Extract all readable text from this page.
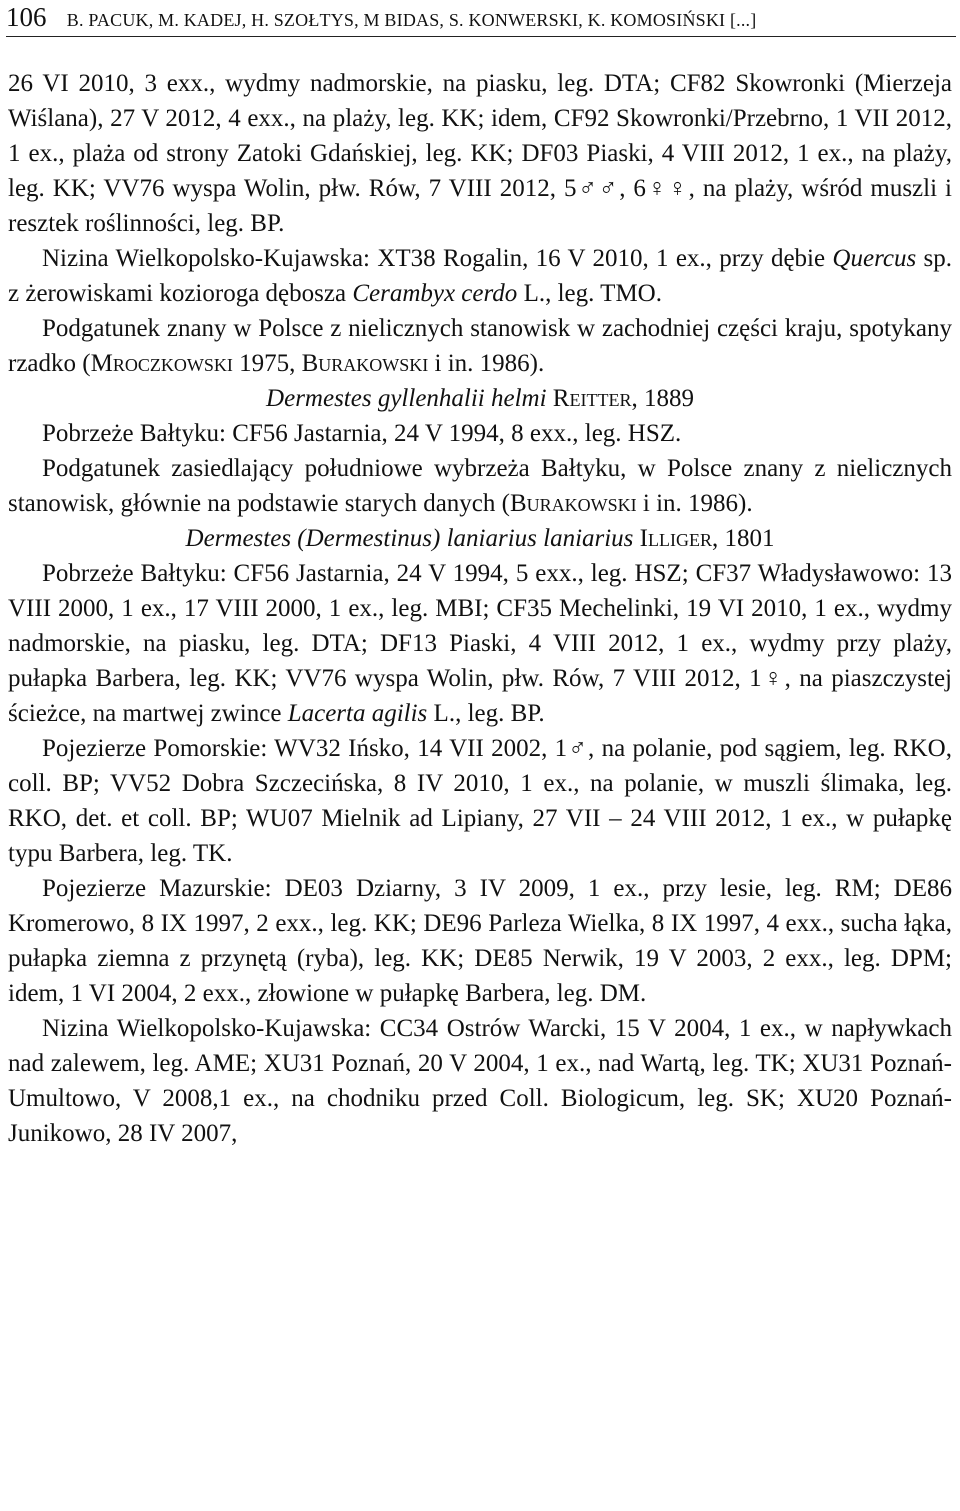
106 B. PACUK, M. KADEJ, H. SZOŁTYS, M BIDAS, S. KONWERSKI, K. KOMOSIŃSKI [...]

26 VI 2010, 3 exx., wydmy nadmorskie, na piasku, leg. DTA; CF82 Skowronki (Mierzeja Wiślana), 27 V 2012, 4 exx., na plaży, leg. KK; idem, CF92 Skowronki/Przebrno, 1 VII 2012, 1 ex., plaża od strony Zatoki Gdańskiej, leg. KK; DF03 Piaski, 4 VIII 2012, 1 ex., na plaży, leg. KK; VV76 wyspa Wolin, płw. Rów, 7 VIII 2012, 5♂♂, 6♀♀, na plaży, wśród muszli i resztek roślinności, leg. BP.

Nizina Wielkopolsko-Kujawska: XT38 Rogalin, 16 V 2010, 1 ex., przy dębie Quercus sp. z żerowiskami kozioroga dębosza Cerambyx cerdo L., leg. TMO.

Podgatunek znany w Polsce z nielicznych stanowisk w zachodniej części kraju, spotykany rzadko (Mroczkowski 1975, Burakowski i in. 1986).

Dermestes gyllenhalii helmi Reitter, 1889

Pobrzeże Bałtyku: CF56 Jastarnia, 24 V 1994, 8 exx., leg. HSZ.

Podgatunek zasiedlający południowe wybrzeża Bałtyku, w Polsce znany z nielicznych stanowisk, głównie na podstawie starych danych (Burakowski i in. 1986).

Dermestes (Dermestinus) laniarius laniarius Illiger, 1801

Pobrzeże Bałtyku: CF56 Jastarnia, 24 V 1994, 5 exx., leg. HSZ; CF37 Władysławowo: 13 VIII 2000, 1 ex., 17 VIII 2000, 1 ex., leg. MBI; CF35 Mechelinki, 19 VI 2010, 1 ex., wydmy nadmorskie, na piasku, leg. DTA; DF13 Piaski, 4 VIII 2012, 1 ex., wydmy przy plaży, pułapka Barbera, leg. KK; VV76 wyspa Wolin, płw. Rów, 7 VIII 2012, 1♀, na piaszczystej ścieżce, na martwej zwince Lacerta agilis L., leg. BP.

Pojezierze Pomorskie: WV32 Ińsko, 14 VII 2002, 1♂, na polanie, pod sągiem, leg. RKO, coll. BP; VV52 Dobra Szczecińska, 8 IV 2010, 1 ex., na polanie, w muszli ślimaka, leg. RKO, det. et coll. BP; WU07 Mielnik ad Lipiany, 27 VII – 24 VIII 2012, 1 ex., w pułapkę typu Barbera, leg. TK.

Pojezierze Mazurskie: DE03 Dziarny, 3 IV 2009, 1 ex., przy lesie, leg. RM; DE86 Kromerowo, 8 IX 1997, 2 exx., leg. KK; DE96 Parleza Wielka, 8 IX 1997, 4 exx., sucha łąka, pułapka ziemna z przynętą (ryba), leg. KK; DE85 Nerwik, 19 V 2003, 2 exx., leg. DPM; idem, 1 VI 2004, 2 exx., złowione w pułapkę Barbera, leg. DM.

Nizina Wielkopolsko-Kujawska: CC34 Ostrów Warcki, 15 V 2004, 1 ex., w napływkach nad zalewem, leg. AME; XU31 Poznań, 20 V 2004, 1 ex., nad Wartą, leg. TK; XU31 Poznań-Umultowo, V 2008,1 ex., na chodniku przed Coll. Biologicum, leg. SK; XU20 Poznań-Junikowo, 28 IV 2007,
